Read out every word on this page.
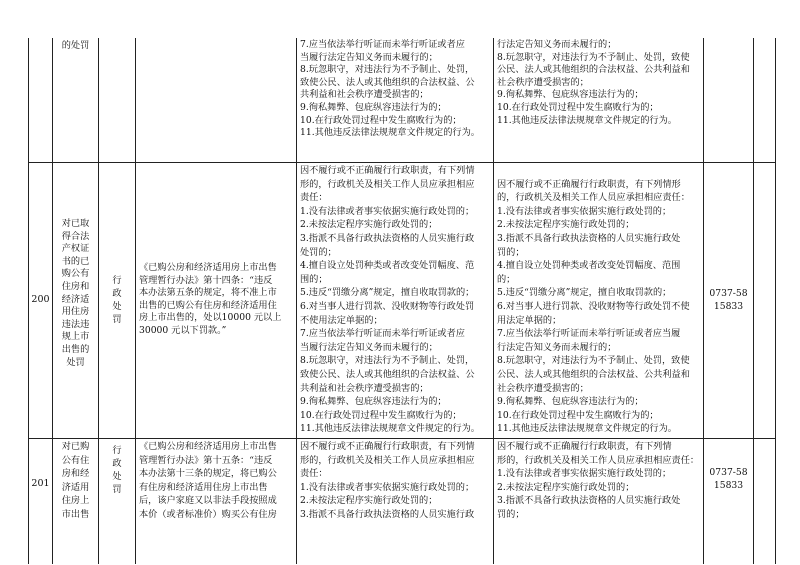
的处罚	7.应当依法举行听证而未举行听证或者应
当履行法定告知义务而未履行的；
8.玩忽职守，对违法行为不予制止、处罚，
致使公民、法人或其他组织的合法权益、公
共利益和社会秩序遭受损害的；
9.徇私舞弊、包庇纵容违法行为的；
10.在行政处罚过程中发生腐败行为的；
11.其他违反法律法规规章文件规定的行为。
行法定告知义务而未履行的；
8.玩忽职守，对违法行为不予制止、处罚，致使
公民、法人或其他组织的合法权益、公共利益和
社会秩序遭受损害的；
9.徇私舞弊、包庇纵容违法行为的；
10.在行政处罚过程中发生腐败行为的；
11.其他违反法律法规规章文件规定的行为。
200
对已取
得合法
产权证
书的已
购公有
住房和
经济适
用住房
违法违
规上市
出售的
处罚
行
政
处
罚
《已购公房和经济适用房上市出售
管理暂行办法》第十四条：“违反
本办法第五条的规定，将不准上市
出售的已购公有住房和经济适用住
房上市出售的，处以10000 元以上
30000 元以下罚款。”
因不履行或不正确履行行政职责，有下列情
形的，行政机关及相关工作人员应承担相应
责任：
1.没有法律或者事实依据实施行政处罚的；
2.未按法定程序实施行政处罚的；
3.指派不具备行政执法资格的人员实施行政
处罚的；
4.擅自设立处罚种类或者改变处罚幅度、范
围的；
5.违反“罚缴分离”规定，擅自收取罚款的；
6.对当事人进行罚款、没收财物等行政处罚
不使用法定单据的；
7.应当依法举行听证而未举行听证或者应
当履行法定告知义务而未履行的；
8.玩忽职守，对违法行为不予制止、处罚，
致使公民、法人或其他组织的合法权益、公
共利益和社会秩序遭受损害的；
9.徇私舞弊、包庇纵容违法行为的；
10.在行政处罚过程中发生腐败行为的；
11.其他违反法律法规规章文件规定的行为。

因不履行或不正确履行行政职责，有下列情形
的，行政机关及相关工作人员应承担相应责任：
1.没有法律或者事实依据实施行政处罚的；
2.未按法定程序实施行政处罚的；
3.指派不具备行政执法资格的人员实施行政处
罚的；
4.擅自设立处罚种类或者改变处罚幅度、范围
的；
5.违反“罚缴分离”规定，擅自收取罚款的；
6.对当事人进行罚款、没收财物等行政处罚不使
用法定单据的；
7.应当依法举行听证而未举行听证或者应当履
行法定告知义务而未履行的；
8.玩忽职守，对违法行为不予制止、处罚，致使
公民、法人或其他组织的合法权益、公共利益和
社会秩序遭受损害的；
9.徇私舞弊、包庇纵容违法行为的；
10.在行政处罚过程中发生腐败行为的；
11.其他违反法律法规规章文件规定的行为。
0737-58
15833
201
对已购
公有住
房和经
济适用
住房上
市出售
行
政
处
罚
《已购公房和经济适用房上市出售
管理暂行办法》第十五条：“违反
本办法第十三条的规定，将已购公
有住房和经济适用住房上市出售
后，该户家庭又以非法手段按照成
本价（或者标准价）购买公有住房
因不履行或不正确履行行政职责，有下列情
形的，行政机关及相关工作人员应承担相应
责任：
1.没有法律或者事实依据实施行政处罚的；
2.未按法定程序实施行政处罚的；
3.指派不具备行政执法资格的人员实施行政
因不履行或不正确履行行政职责，有下列情
形的，行政机关及相关工作人员应承担相应责任：
1.没有法律或者事实依据实施行政处罚的；
2.未按法定程序实施行政处罚的；
3.指派不具备行政执法资格的人员实施行政处
罚的；
0737-58
15833
